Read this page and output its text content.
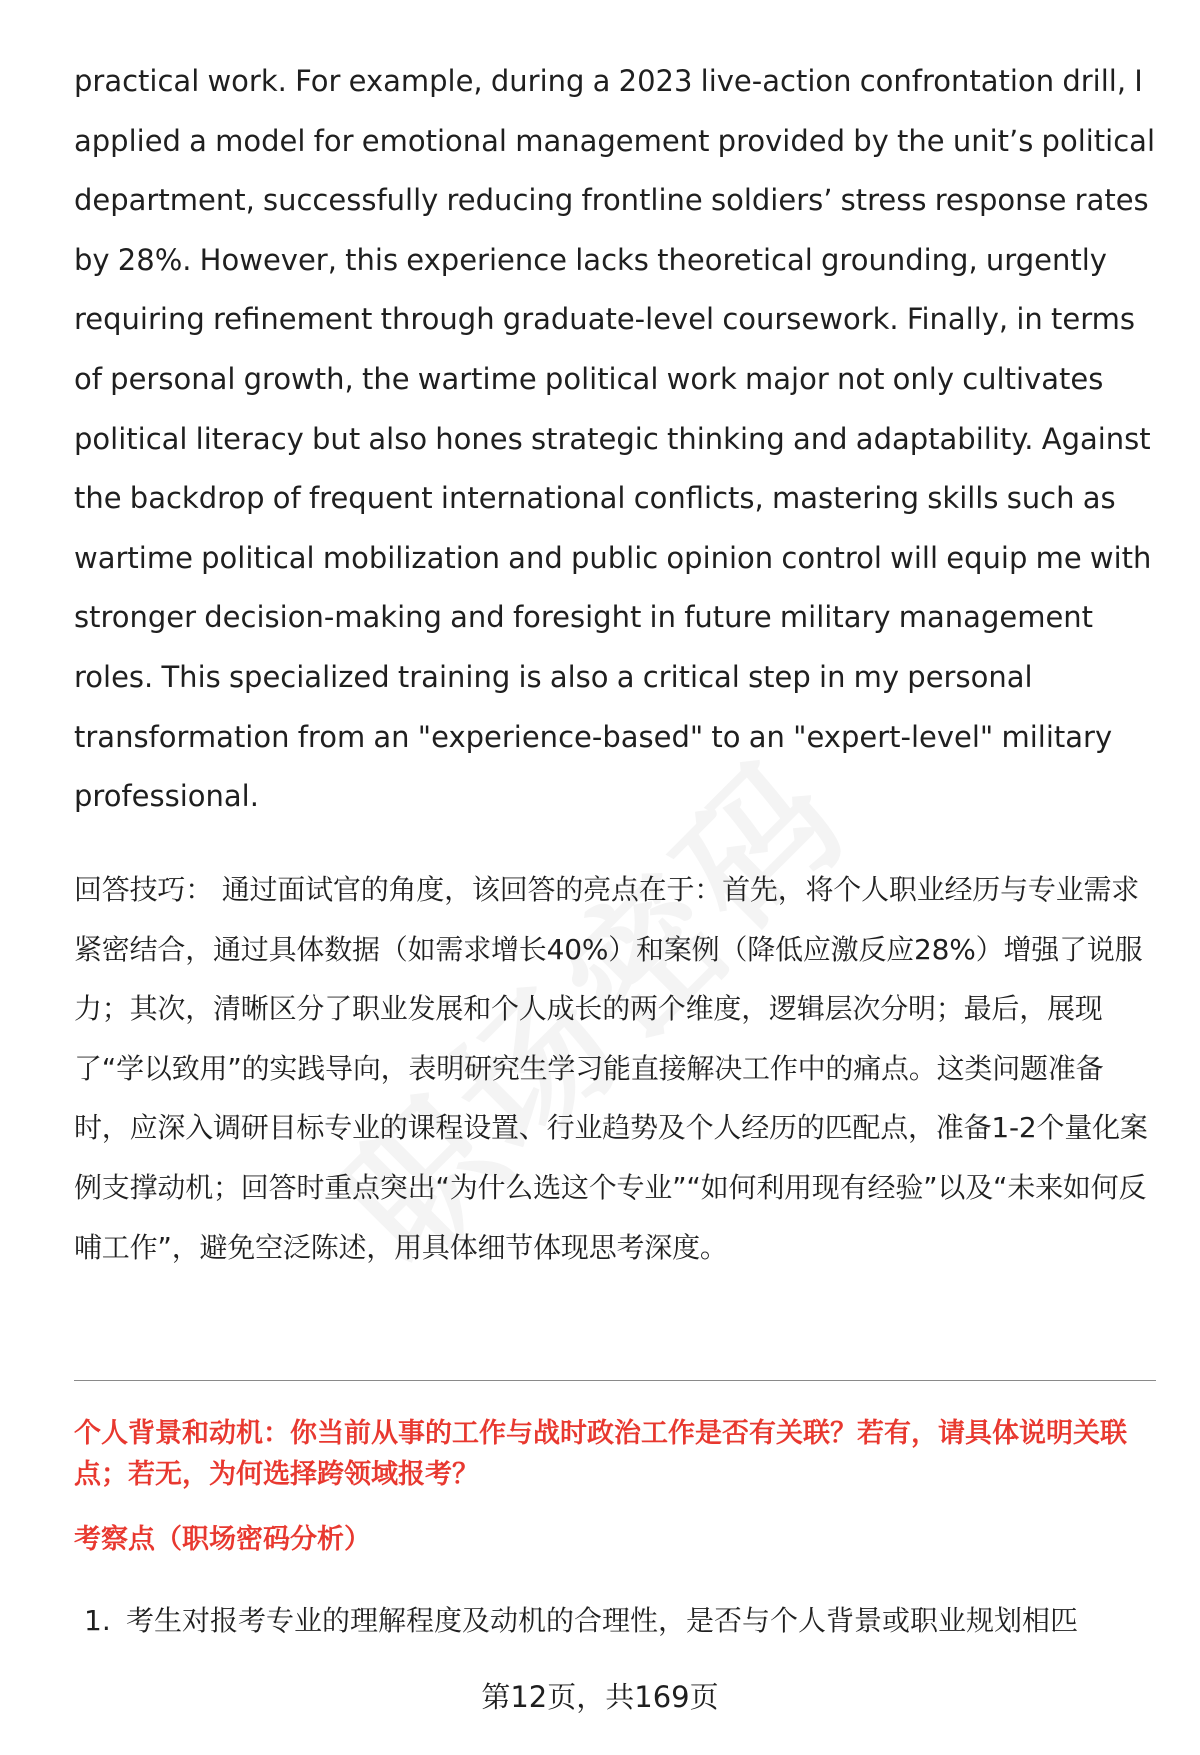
practical work. For example, during a 2023 live-action confrontation drill, I applied a model for emotional management provided by the unit’s political department, successfully reducing frontline soldiers’ stress response rates by 28%. However, this experience lacks theoretical grounding, urgently requiring refinement through graduate-level coursework. Finally, in terms of personal growth, the wartime political work major not only cultivates political literacy but also hones strategic thinking and adaptability. Against the backdrop of frequent international conflicts, mastering skills such as wartime political mobilization and public opinion control will equip me with stronger decision-making and foresight in future military management roles. This specialized training is also a critical step in my personal transformation from an "experience-based" to an "expert-level" military professional.

回答技巧： 通过面试官的角度，该回答的亮点在于：首先，将个人职业经历与专业需求紧密结合，通过具体数据（如需求增长40%）和案例（降低应激反应28%）增强了说服力；其次，清晰区分了职业发展和个人成长的两个维度，逻辑层次分明；最后，展现了“学以致用”的实践导向，表明研究生学习能直接解决工作中的痛点。这类问题准备时，应深入调研目标专业的课程设置、行业趋势及个人经历的匹配点，准备1-2个量化案例支撑动机；回答时重点突出“为什么选这个专业”“如何利用现有经验”以及“未来如何反哺工作”，避免空泛陈述，用具体细节体现思考深度。

个人背景和动机：你当前从事的工作与战时政治工作是否有关联？若有，请具体说明关联点；若无，为何选择跨领域报考？

考察点（职场密码分析）

1. 考生对报考专业的理解程度及动机的合理性，是否与个人背景或职业规划相匹
第12页，共169页
